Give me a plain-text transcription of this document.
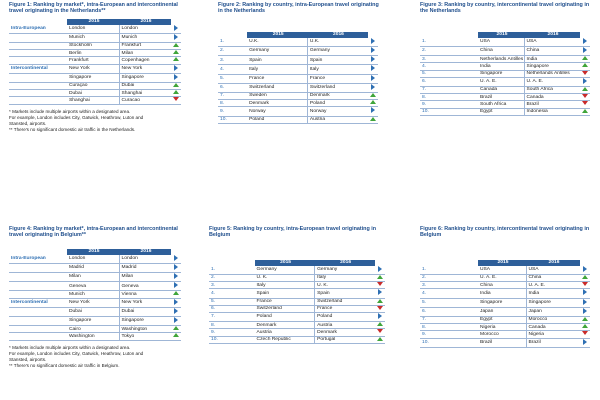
Figure 1: Ranking by market*, intra-European and intercontinental travel originating in the Netherlands**
	2015	2016	
Intra-European	London	London	
	Munich	Munich	
	Stockholm	Frankfurt	
	Berlin	Milan	
	Frankfurt	Copenhagen	
Intercontinental	New York	New York	
	Singapore	Singapore	
	Curaçao	Dubai	
	Dubai	Shanghai	
	Shanghai	Curacao	
* Markets include multiple airports within a designated area.
For example, London includes City, Gatwick, Heathrow, Luton and
Stansted, airports.
** There's no significant domestic air traffic in the Netherlands.
Figure 2: Ranking by country, intra-European travel originating in the Netherlands
	2015	2016	
1.	U.K.	U.K.	
2.	Germany	Germany	
3.	Spain	Spain	
4.	Italy	Italy	
5.	France	France	
6.	Switzerland	Switzerland	
7.	Sweden	Denmark	
8.	Denmark	Poland	
9.	Norway	Norway	
10.	Poland	Austria	
Figure 3: Ranking by country, intercontinental travel originating in the Netherlands
	2015	2016	
1.	USA	USA	
2.	China	China	
3.	Netherlands Antilles	India	
4.	India	Singapore	
5.	Singapore	Netherlands Antilles	
6.	U. A. E.	U. A. E.	
7.	Canada	South Africa	
8.	Brazil	Canada	
9.	South Africa	Brazil	
10.	Egypt	Indonesia	
Figure 4: Ranking by market*, intra-European and intercontinental travel originating in Belgium**
	2015	2016	
Intra-European	London	London	
	Madrid	Madrid	
	Milan	Milan	
	Geneva	Geneva	
	Munich	Vienna	
Intercontinental	New York	New York	
	Dubai	Dubai	
	Singapore	Singapore	
	Cairo	Washington	
	Washington	Tokyo	
* Markets include multiple airports within a designated area.
For example, London includes City, Gatwick, Heathrow, Luton and
Stansted, airports.
** There's no significant domestic air traffic in Belgium.
Figure 5: Ranking by country, intra-European travel originating in Belgium
	2015	2016	
1.	Germany	Germany	
2.	U. K.	Italy	
3.	Italy	U. K.	
4.	Spain	Spain	
5.	France	Switzerland	
6.	Switzerland	France	
7.	Poland	Poland	
8.	Denmark	Austria	
9.	Austria	Denmark	
10.	Czech Republic	Portugal	
Figure 6: Ranking by country, intercontinental travel originating in Belgium
	2015	2016	
1.	USA	USA	
2.	U. A. E.	China	
3.	China	U. A. E.	
4.	India	India	
5.	Singapore	Singapore	
6.	Japan	Japan	
7.	Egypt	Morocco	
8.	Nigeria	Canada	
9.	Morocco	Nigeria	
10.	Brazil	Brazil	
